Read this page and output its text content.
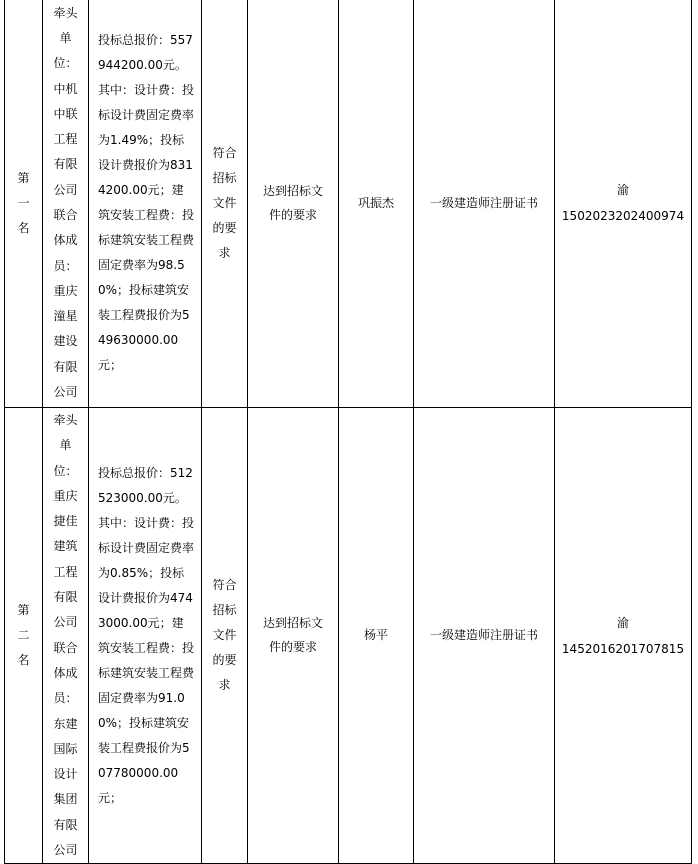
第一名	牵头单位：中机中联工程有限公司联合体成员：重庆潼星建设有限公司	投标总报价：557944200.00元。其中：设计费：投标设计费固定费率为1.49%；投标设计费报价为8314200.00元；建筑安装工程费：投标建筑安装工程费固定费率为98.50%；投标建筑安装工程费报价为549630000.00元；	符合招标文件的要求	达到招标文件的要求	巩振杰	一级建造师注册证书	渝 1502023202400974
第二名	牵头单位：重庆捷佳建筑工程有限公司联合体成员：东建国际设计集团有限公司	投标总报价：512523000.00元。其中：设计费：投标设计费固定费率为0.85%；投标设计费报价为4743000.00元；建筑安装工程费：投标建筑安装工程费固定费率为91.00%；投标建筑安装工程费报价为507780000.00元；	符合招标文件的要求	达到招标文件的要求	杨平	一级建造师注册证书	渝 1452016201707815
